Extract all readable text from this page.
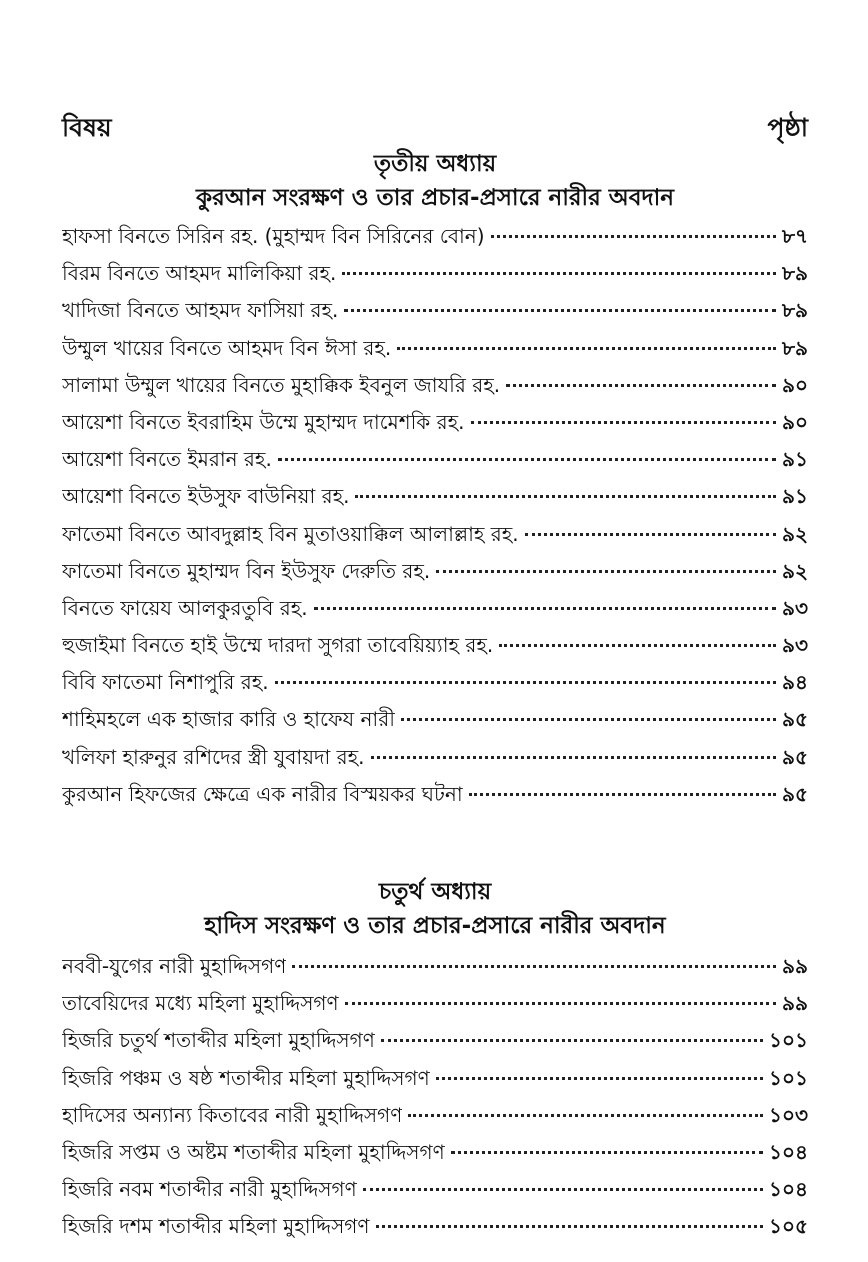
বিষয়	পৃষ্ঠা
তৃতীয় অধ্যায়
কুরআন সংরক্ষণ ও তার প্রচার-প্রসারে নারীর অবদান
হাফসা বিনতে সিরিন রহ. (মুহাম্মদ বিন সিরিনের বোন)	৮৭
বিরম বিনতে আহমদ মালিকিয়া রহ.	৮৯
খাদিজা বিনতে আহমদ ফাসিয়া রহ.	৮৯
উম্মুল খায়ের বিনতে আহমদ বিন ঈসা রহ.	৮৯
সালামা উম্মুল খায়ের বিনতে মুহাক্কিক ইবনুল জাযরি রহ.	৯০
আয়েশা বিনতে ইবরাহিম উম্মে মুহাম্মদ দামেশকি রহ.	৯০
আয়েশা বিনতে ইমরান রহ.	৯১
আয়েশা বিনতে ইউসুফ বাউনিয়া রহ.	৯১
ফাতেমা বিনতে আবদুল্লাহ বিন মুতাওয়াক্কিল আলাল্লাহ রহ.	৯২
ফাতেমা বিনতে মুহাম্মদ বিন ইউসুফ দেরুতি রহ.	৯২
বিনতে ফায়েয আলকুরতুবি রহ.	৯৩
হুজাইমা বিনতে হাই উম্মে দারদা সুগরা তাবেয়িয়্যাহ রহ.	৯৩
বিবি ফাতেমা নিশাপুরি রহ.	৯৪
শাহিমহলে এক হাজার কারি ও হাফেয নারী	৯৫
খলিফা হারুনুর রশিদের স্ত্রী যুবায়দা রহ.	৯৫
কুরআন হিফজের ক্ষেত্রে এক নারীর বিস্ময়কর ঘটনা	৯৫
চতুর্থ অধ্যায়
হাদিস সংরক্ষণ ও তার প্রচার-প্রসারে নারীর অবদান
নববী-যুগের নারী মুহাদ্দিসগণ	৯৯
তাবেয়িদের মধ্যে মহিলা মুহাদ্দিসগণ	৯৯
হিজরি চতুর্থ শতাব্দীর মহিলা মুহাদ্দিসগণ	১০১
হিজরি পঞ্চম ও ষষ্ঠ শতাব্দীর মহিলা মুহাদ্দিসগণ	১০১
হাদিসের অন্যান্য কিতাবের নারী মুহাদ্দিসগণ	১০৩
হিজরি সপ্তম ও অষ্টম শতাব্দীর মহিলা মুহাদ্দিসগণ	১০৪
হিজরি নবম শতাব্দীর নারী মুহাদ্দিসগণ	১০৪
হিজরি দশম শতাব্দীর মহিলা মুহাদ্দিসগণ	১০৫
